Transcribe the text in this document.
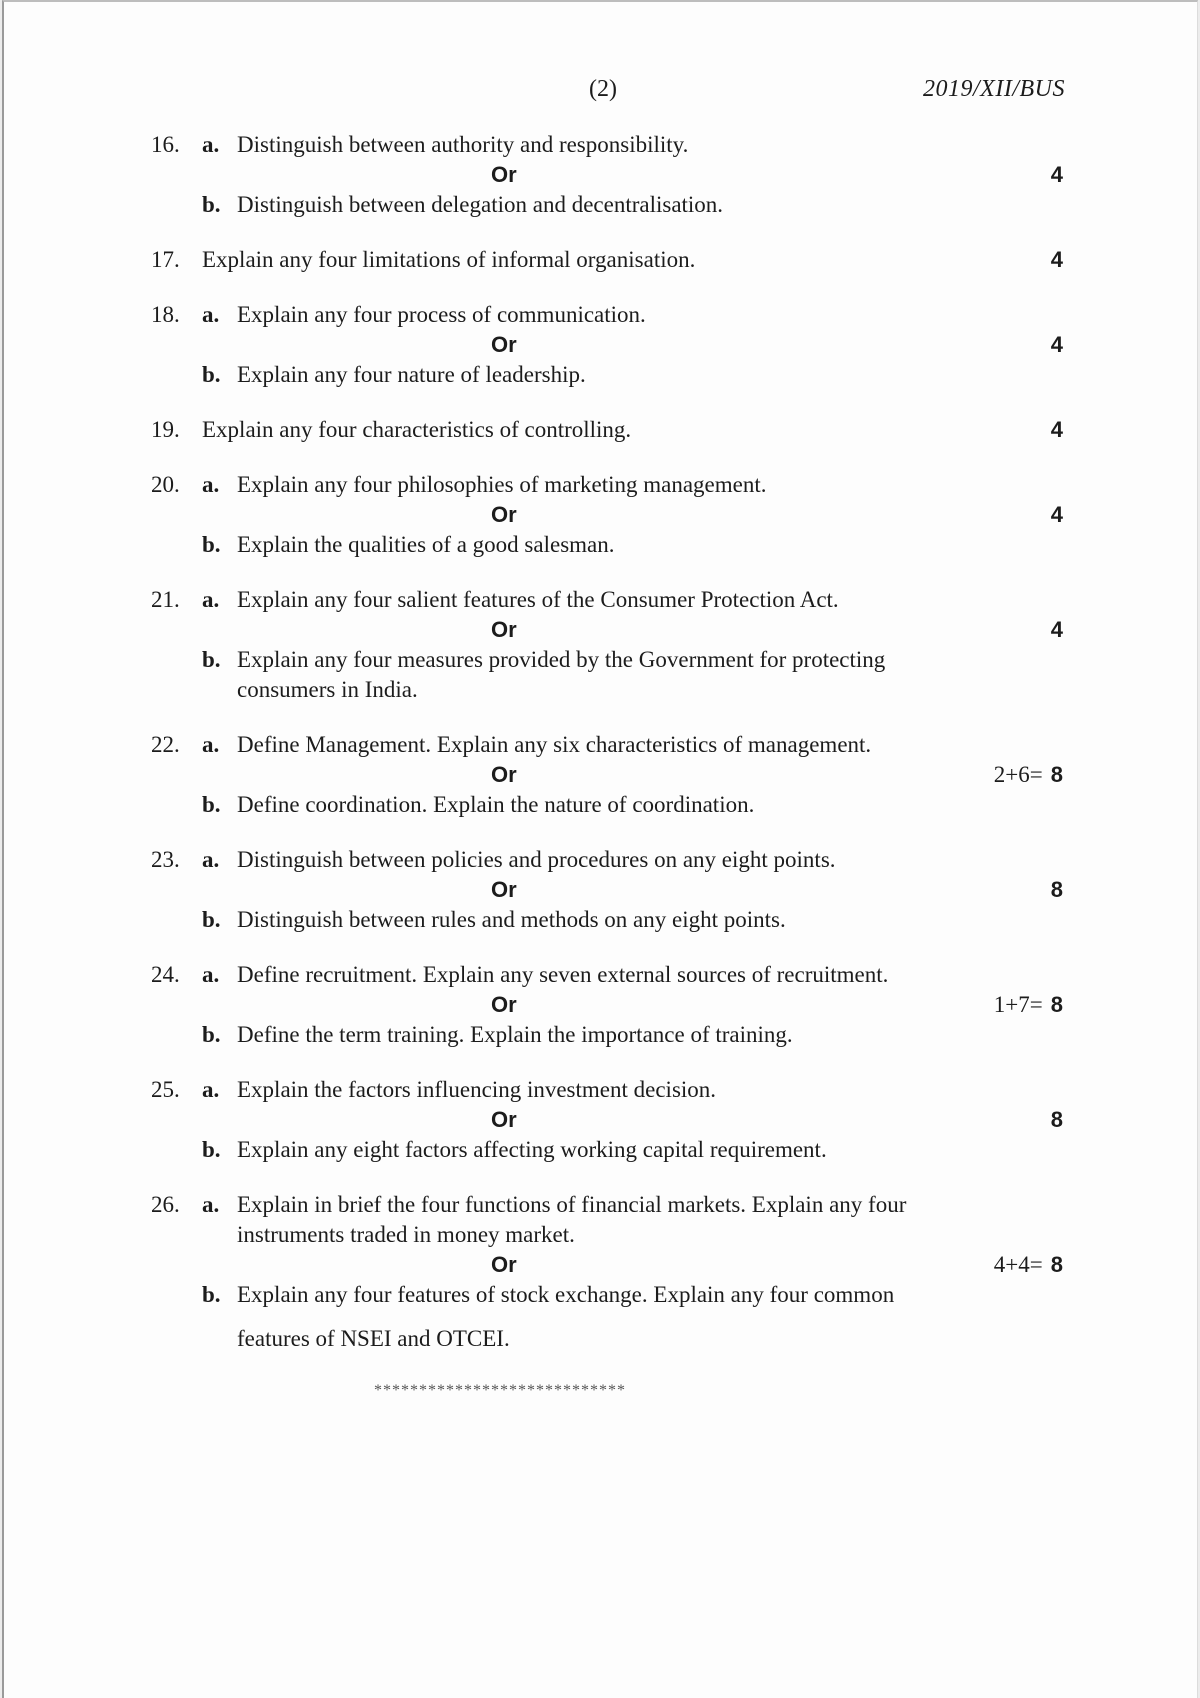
(2)	2019/XII/BUS
16. a. Distinguish between authority and responsibility.
Or	4
b. Distinguish between delegation and decentralisation.
17. Explain any four limitations of informal organisation.	4
18. a. Explain any four process of communication.
Or	4
b. Explain any four nature of leadership.
19. Explain any four characteristics of controlling.	4
20. a. Explain any four philosophies of marketing management.
Or	4
b. Explain the qualities of a good salesman.
21. a. Explain any four salient features of the Consumer Protection Act.
Or	4
b. Explain any four measures provided by the Government for protecting
consumers in India.
22. a. Define Management. Explain any six characteristics of management.
Or	2+6= 8
b. Define coordination. Explain the nature of coordination.
23. a. Distinguish between policies and procedures on any eight points.
Or	8
b. Distinguish between rules and methods on any eight points.
24. a. Define recruitment. Explain any seven external sources of recruitment.
Or	1+7= 8
b. Define the term training. Explain the importance of training.
25. a. Explain the factors influencing investment decision.
Or	8
b. Explain any eight factors affecting working capital requirement.
26. a. Explain in brief the four functions of financial markets. Explain any four
instruments traded in money market.
Or	4+4= 8
b. Explain any four features of stock exchange. Explain any four common
features of NSEI and OTCEI.
****************************
